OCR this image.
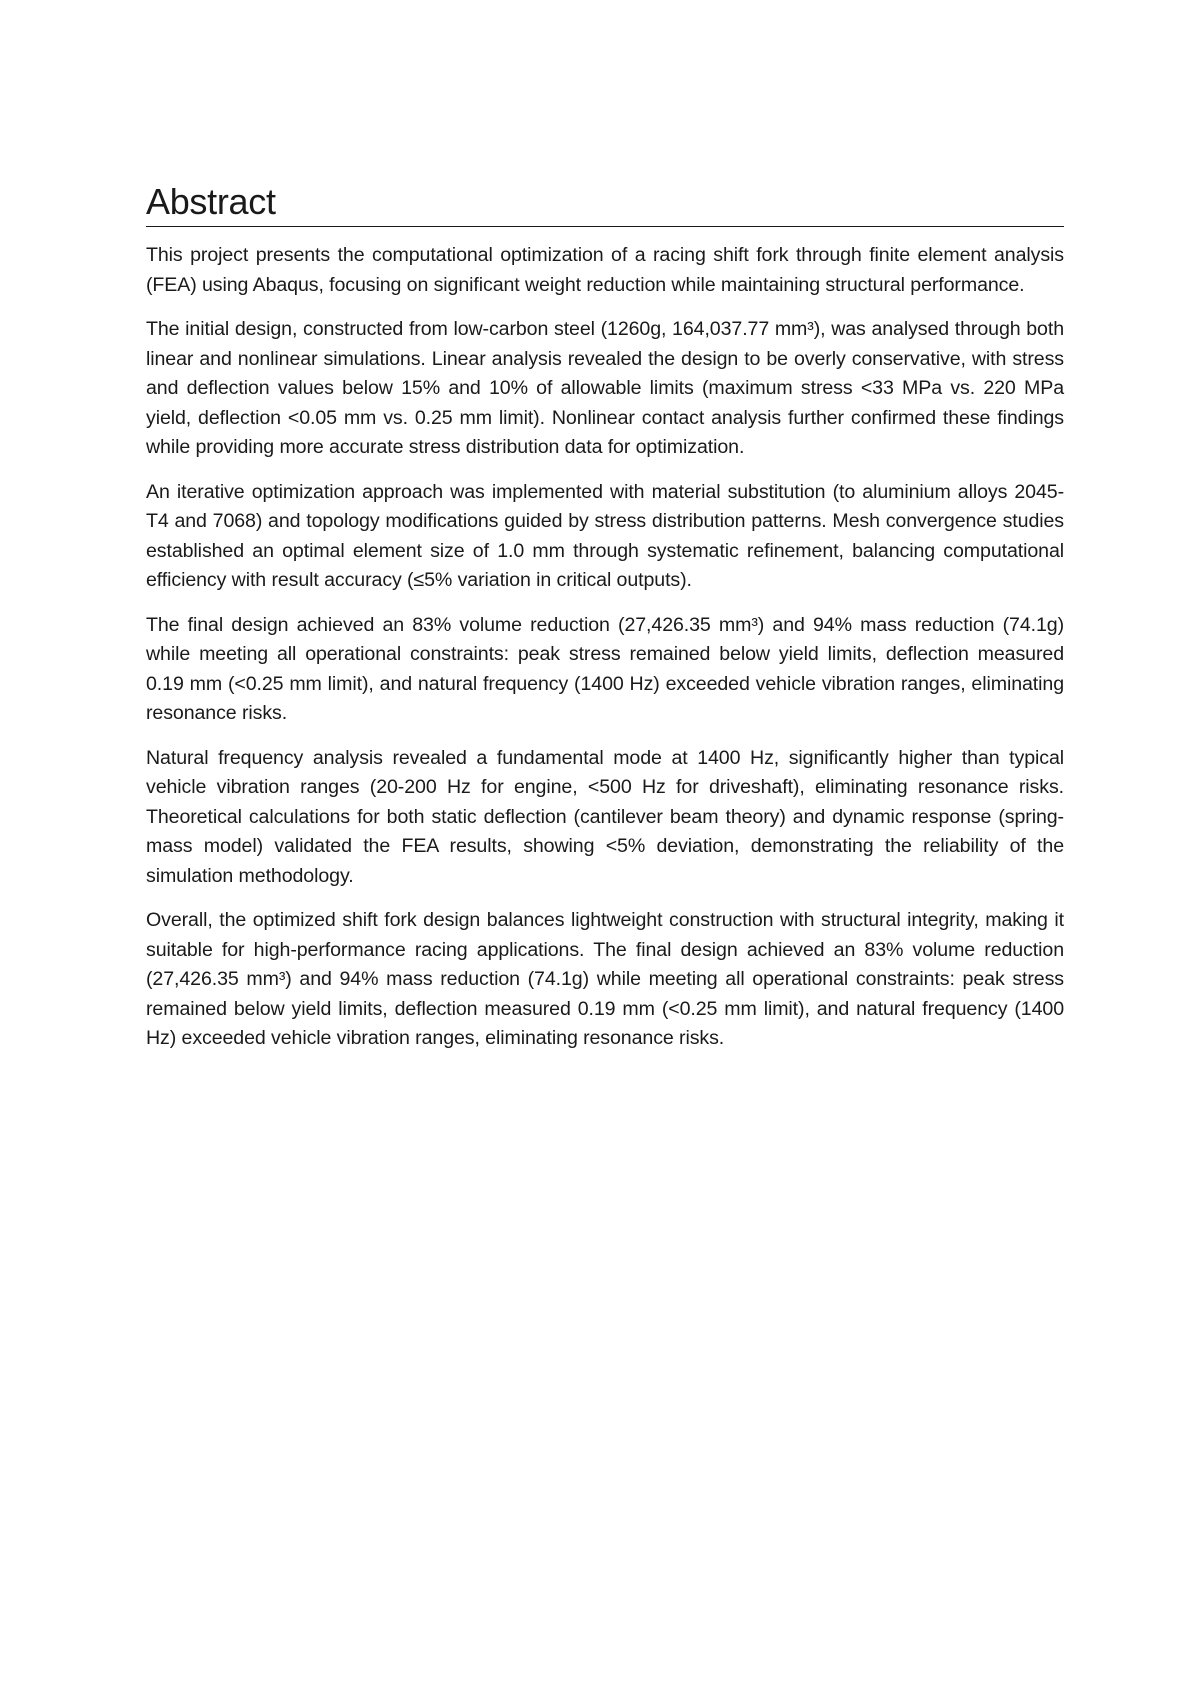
Abstract

This project presents the computational optimization of a racing shift fork through finite element analysis (FEA) using Abaqus, focusing on significant weight reduction while maintaining structural performance.

The initial design, constructed from low-carbon steel (1260g, 164,037.77 mm³), was analysed through both linear and nonlinear simulations. Linear analysis revealed the design to be overly conservative, with stress and deflection values below 15% and 10% of allowable limits (maximum stress <33 MPa vs. 220 MPa yield, deflection <0.05 mm vs. 0.25 mm limit). Nonlinear contact analysis further confirmed these findings while providing more accurate stress distribution data for optimization.

An iterative optimization approach was implemented with material substitution (to aluminium alloys 2045-T4 and 7068) and topology modifications guided by stress distribution patterns. Mesh convergence studies established an optimal element size of 1.0 mm through systematic refinement, balancing computational efficiency with result accuracy (≤5% variation in critical outputs).

The final design achieved an 83% volume reduction (27,426.35 mm³) and 94% mass reduction (74.1g) while meeting all operational constraints: peak stress remained below yield limits, deflection measured 0.19 mm (<0.25 mm limit), and natural frequency (1400 Hz) exceeded vehicle vibration ranges, eliminating resonance risks.

Natural frequency analysis revealed a fundamental mode at 1400 Hz, significantly higher than typical vehicle vibration ranges (20-200 Hz for engine, <500 Hz for driveshaft), eliminating resonance risks. Theoretical calculations for both static deflection (cantilever beam theory) and dynamic response (spring-mass model) validated the FEA results, showing <5% deviation, demonstrating the reliability of the simulation methodology.

Overall, the optimized shift fork design balances lightweight construction with structural integrity, making it suitable for high-performance racing applications. The final design achieved an 83% volume reduction (27,426.35 mm³) and 94% mass reduction (74.1g) while meeting all operational constraints: peak stress remained below yield limits, deflection measured 0.19 mm (<0.25 mm limit), and natural frequency (1400 Hz) exceeded vehicle vibration ranges, eliminating resonance risks.
